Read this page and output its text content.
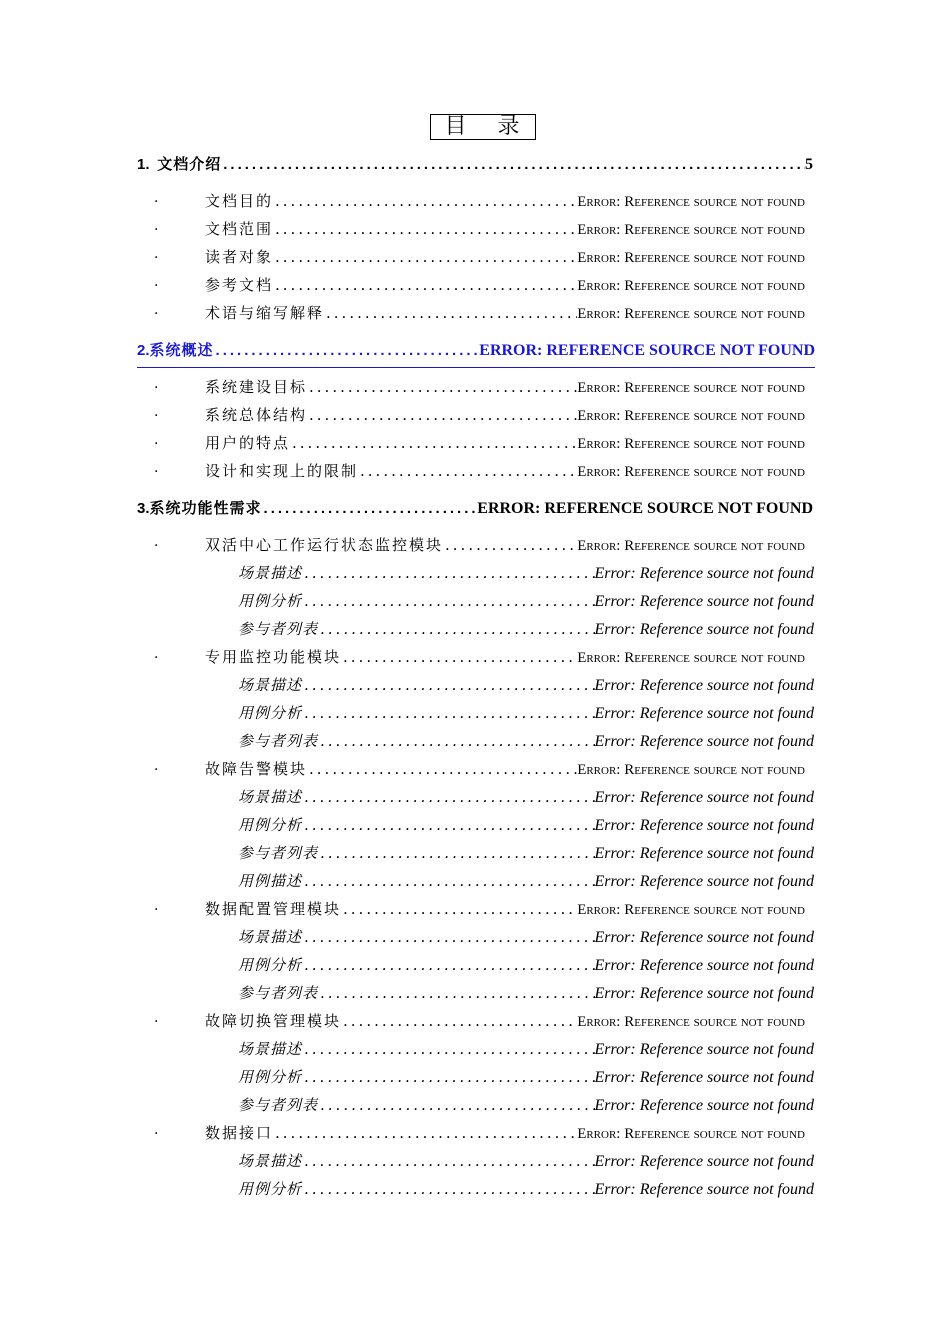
目 录
1. 文档介绍 .....	5
.	文档目的 .....	Error: Reference source not found
.	文档范围 .....	Error: Reference source not found
.	读者对象 .....	Error: Reference source not found
.	参考文档 .....	Error: Reference source not found
.	术语与缩写解释 .....	Error: Reference source not found
2. 系统概述 .....	ERROR: REFERENCE SOURCE NOT FOUND
.	系统建设目标 .....	Error: Reference source not found
.	系统总体结构 .....	Error: Reference source not found
.	用户的特点 .....	Error: Reference source not found
.	设计和实现上的限制 .....	Error: Reference source not found
3. 系统功能性需求 .....	ERROR: REFERENCE SOURCE NOT FOUND
.	双活中心工作运行状态监控模块 .....	Error: Reference source not found
场景描述 .....	Error: Reference source not found
用例分析 .....	Error: Reference source not found
参与者列表 .....	Error: Reference source not found
.	专用监控功能模块 .....	Error: Reference source not found
场景描述 .....	Error: Reference source not found
用例分析 .....	Error: Reference source not found
参与者列表 .....	Error: Reference source not found
.	故障告警模块 .....	Error: Reference source not found
场景描述 .....	Error: Reference source not found
用例分析 .....	Error: Reference source not found
参与者列表 .....	Error: Reference source not found
用例描述 .....	Error: Reference source not found
.	数据配置管理模块 .....	Error: Reference source not found
场景描述 .....	Error: Reference source not found
用例分析 .....	Error: Reference source not found
参与者列表 .....	Error: Reference source not found
.	故障切换管理模块 .....	Error: Reference source not found
场景描述 .....	Error: Reference source not found
用例分析 .....	Error: Reference source not found
参与者列表 .....	Error: Reference source not found
.	数据接口 .....	Error: Reference source not found
场景描述 .....	Error: Reference source not found
用例分析 .....	Error: Reference source not found
